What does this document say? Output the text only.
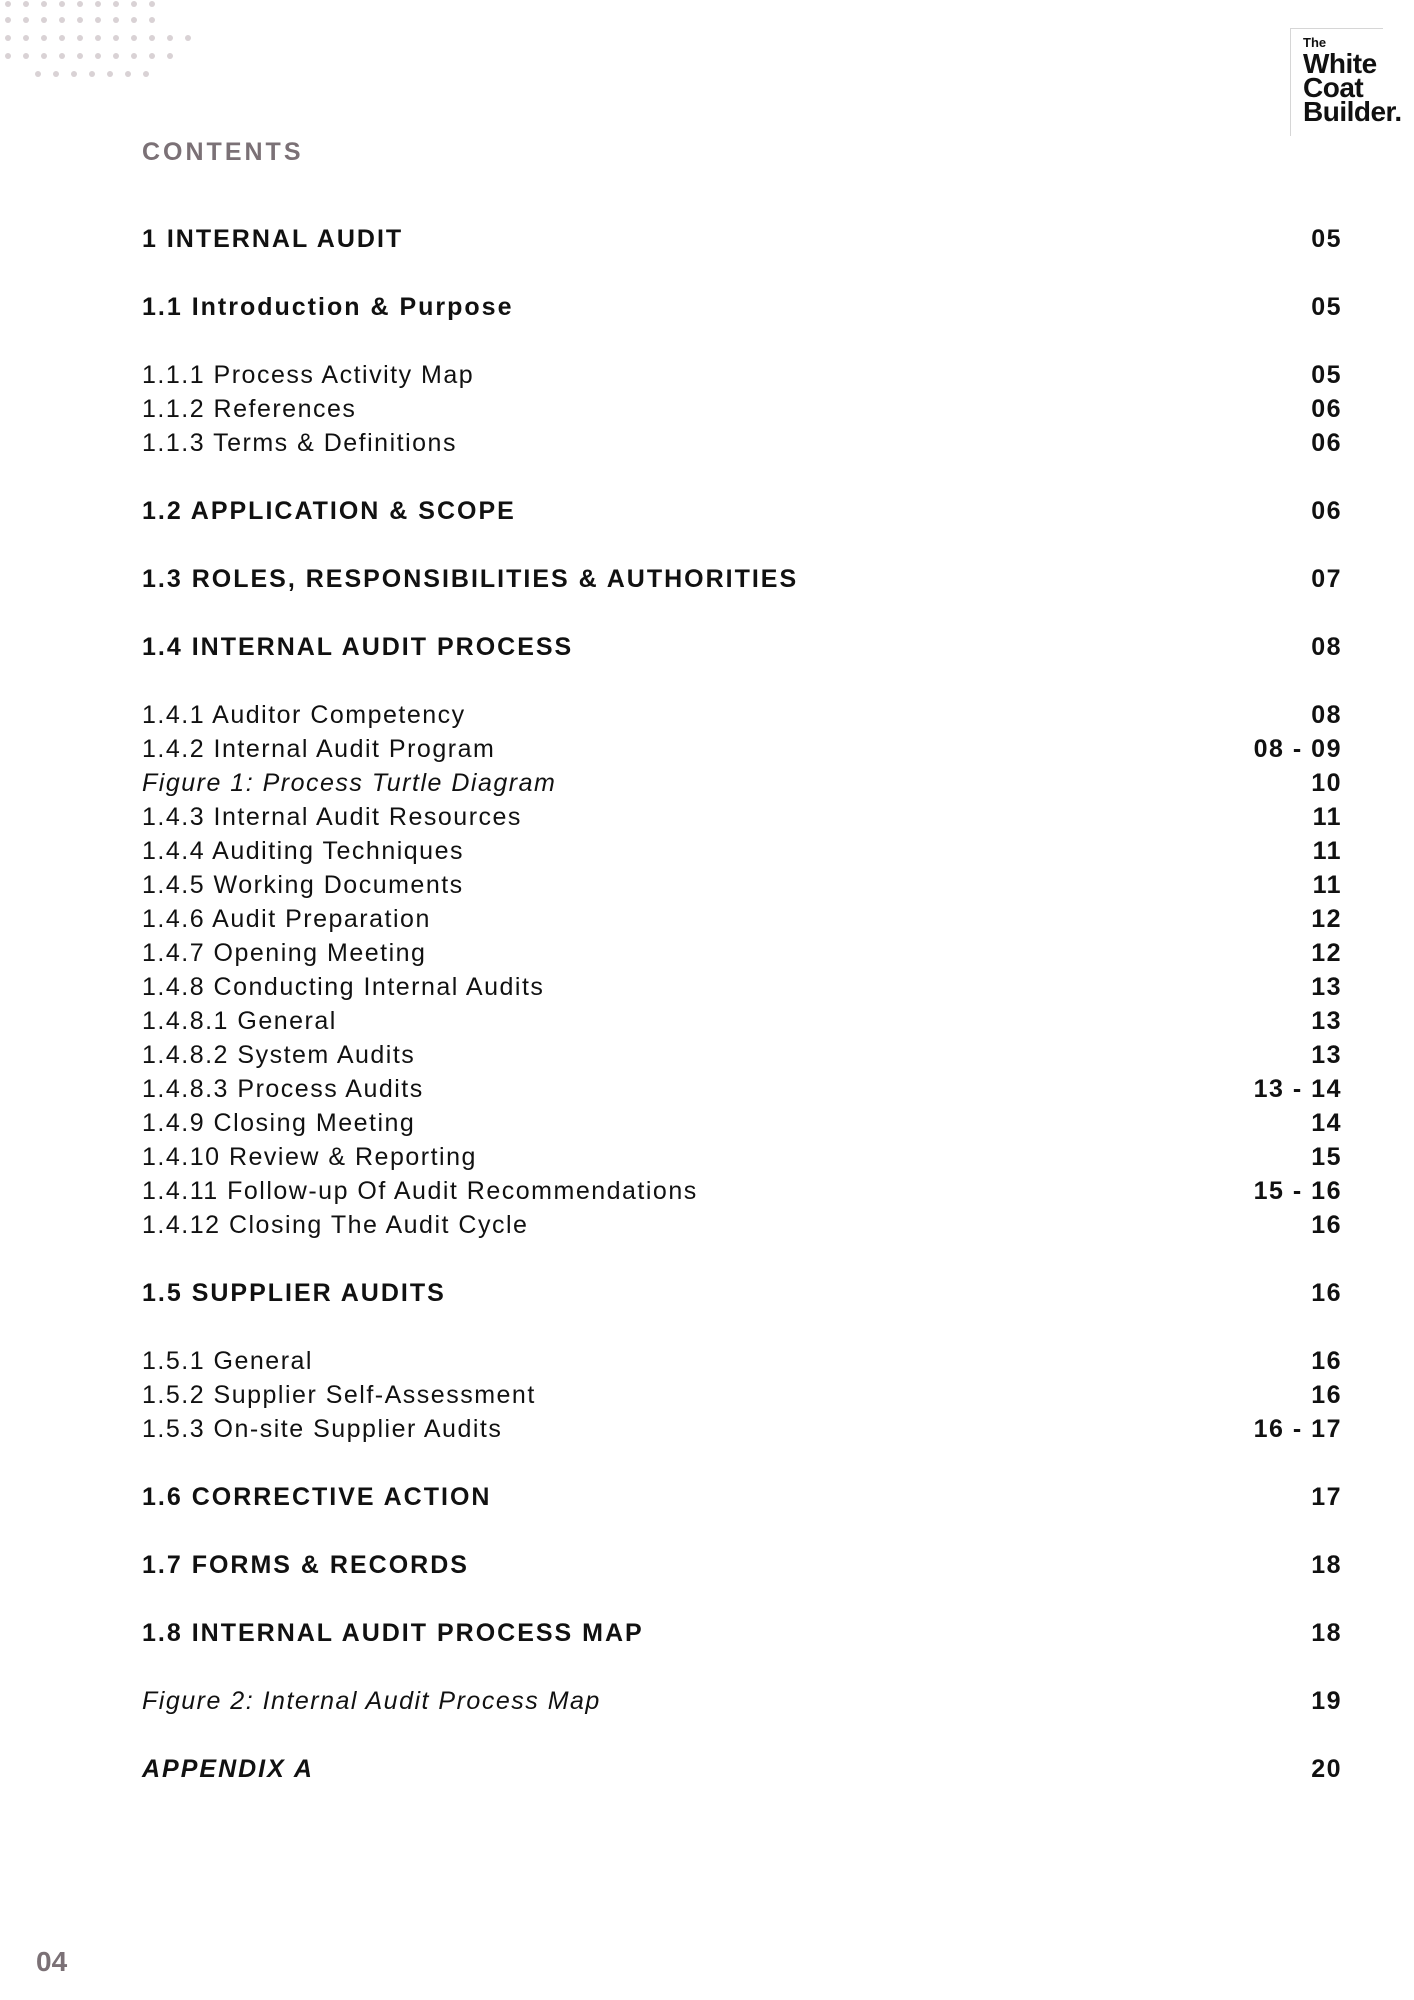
The
White
Coat
Builder.
CONTENTS
1 INTERNAL AUDIT	05
1.1 Introduction & Purpose	05
1.1.1 Process Activity Map	05
1.1.2 References	06
1.1.3 Terms & Definitions	06
1.2 APPLICATION & SCOPE	06
1.3 ROLES, RESPONSIBILITIES & AUTHORITIES	07
1.4 INTERNAL AUDIT PROCESS	08
1.4.1 Auditor Competency	08
1.4.2 Internal Audit Program	08 - 09
Figure 1: Process Turtle Diagram	10
1.4.3 Internal Audit Resources	11
1.4.4 Auditing Techniques	11
1.4.5 Working Documents	11
1.4.6 Audit Preparation	12
1.4.7 Opening Meeting	12
1.4.8 Conducting Internal Audits	13
1.4.8.1 General	13
1.4.8.2 System Audits	13
1.4.8.3 Process Audits	13 - 14
1.4.9 Closing Meeting	14
1.4.10 Review & Reporting	15
1.4.11 Follow-up Of Audit Recommendations	15 - 16
1.4.12 Closing The Audit Cycle	16
1.5 SUPPLIER AUDITS	16
1.5.1 General	16
1.5.2 Supplier Self-Assessment	16
1.5.3 On-site Supplier Audits	16 - 17
1.6 CORRECTIVE ACTION	17
1.7 FORMS & RECORDS	18
1.8 INTERNAL AUDIT PROCESS MAP	18
Figure 2: Internal Audit Process Map	19
APPENDIX A	20
04
